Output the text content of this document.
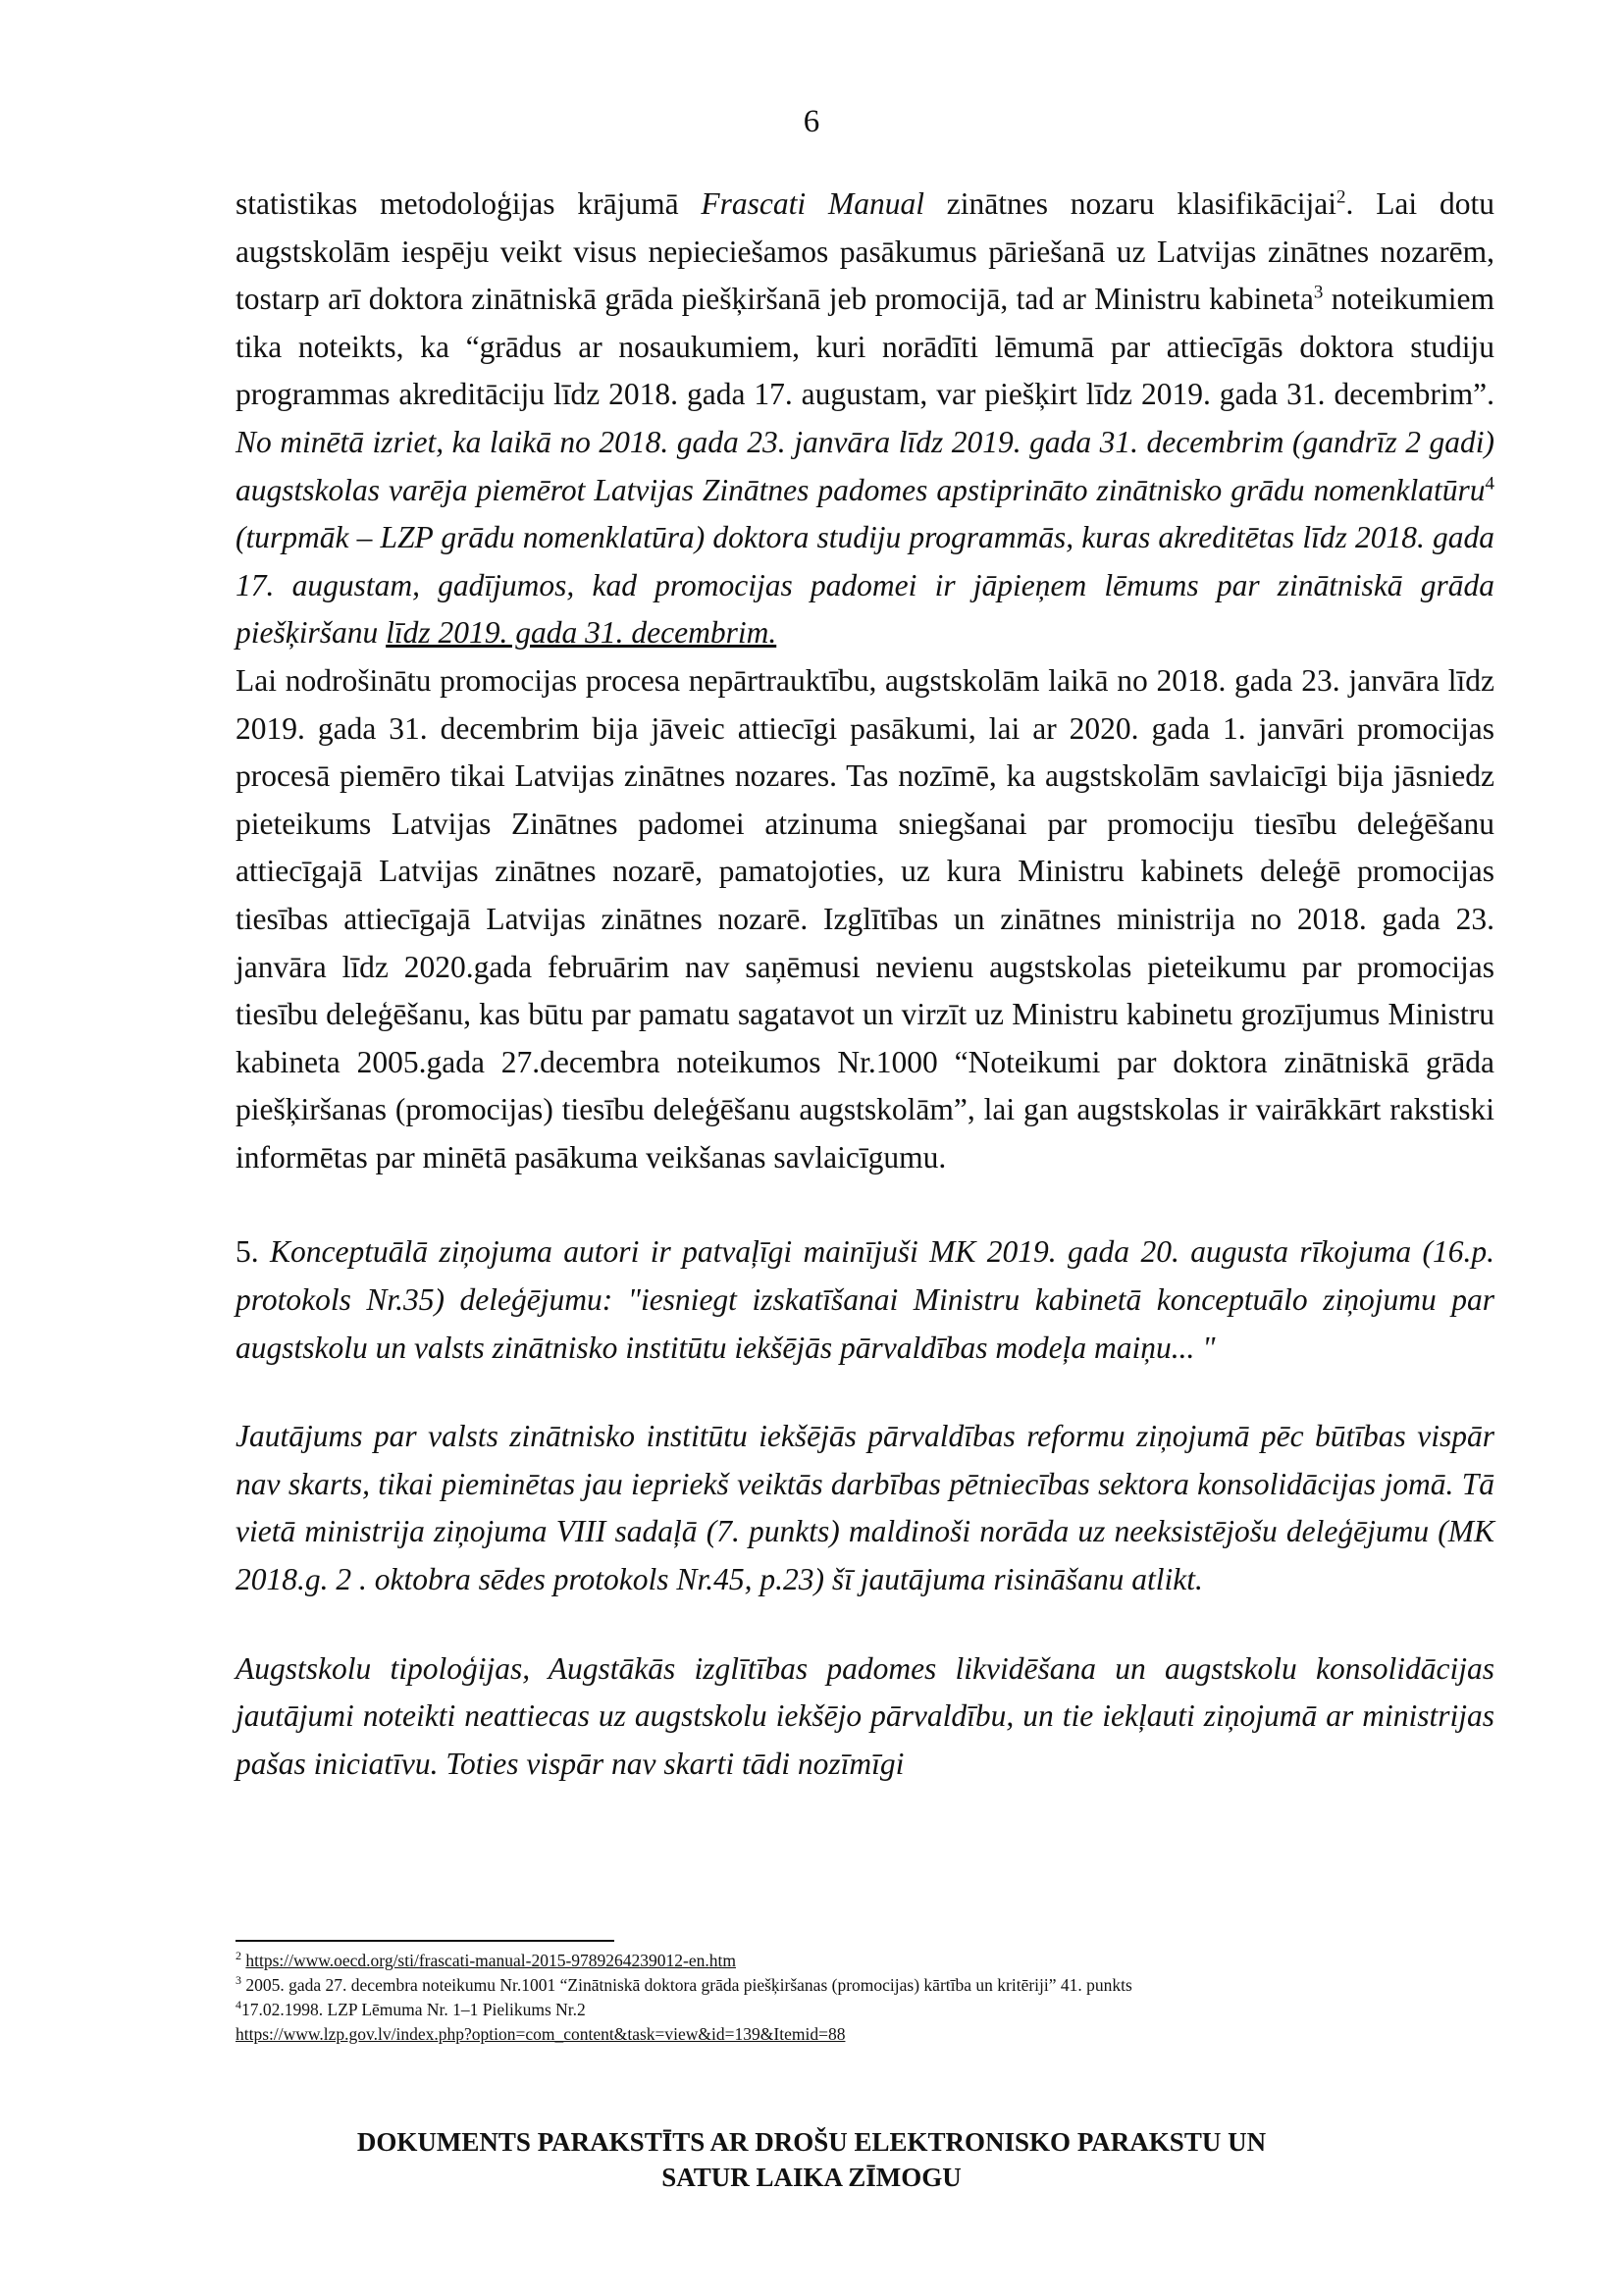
6

statistikas metodoloģijas krājumā Frascati Manual zinātnes nozaru klasifikācijai$^2$. Lai dotu augstskolām iespēju veikt visus nepieciešamos pasākumus pāriešanā uz Latvijas zinātnes nozarēm, tostarp arī doktora zinātniskā grāda piešķiršanā jeb promocijā, tad ar Ministru kabineta$^3$ noteikumiem tika noteikts, ka “grādus ar nosaukumiem, kuri norādīti lēmumā par attiecīgās doktora studiju programmas akreditāciju līdz 2018. gada 17. augustam, var piešķirt līdz 2019. gada 31. decembrim”. No minētā izriet, ka laikā no 2018. gada 23. janvāra līdz 2019. gada 31. decembrim (gandrīz 2 gadi) augstskolas varēja piemērot Latvijas Zinātnes padomes apstiprināto zinātnisko grādu nomenklatūru$^4$ (turpmāk – LZP grādu nomenklatūra) doktora studiju programmās, kuras akreditētas līdz 2018. gada 17. augustam, gadījumos, kad promocijas padomei ir jāpieņem lēmums par zinātniskā grāda piešķiršanu līdz 2019. gada 31. decembrim.

Lai nodrošinātu promocijas procesa nepārtrauktību, augstskolām laikā no 2018. gada 23. janvāra līdz 2019. gada 31. decembrim bija jāveic attiecīgi pasākumi, lai ar 2020. gada 1. janvāri promocijas procesā piemēro tikai Latvijas zinātnes nozares. Tas nozīmē, ka augstskolām savlaicīgi bija jāsniedz pieteikums Latvijas Zinātnes padomei atzinuma sniegšanai par promociju tiesību deleģēšanu attiecīgajā Latvijas zinātnes nozarē, pamatojoties, uz kura Ministru kabinets deleģē promocijas tiesības attiecīgajā Latvijas zinātnes nozarē. Izglītības un zinātnes ministrija no 2018. gada 23. janvāra līdz 2020.gada februārim nav saņēmusi nevienu augstskolas pieteikumu par promocijas tiesību deleģēšanu, kas būtu par pamatu sagatavot un virzīt uz Ministru kabinetu grozījumus Ministru kabineta 2005.gada 27.decembra noteikumos Nr.1000 “Noteikumi par doktora zinātniskā grāda piešķiršanas (promocijas) tiesību deleģēšanu augstskolām”, lai gan augstskolas ir vairākkārt rakstiski informētas par minētā pasākuma veikšanas savlaicīgumu.

5. Konceptuālā ziņojuma autori ir patvaļīgi mainījuši MK 2019. gada 20. augusta rīkojuma (16.p. protokols Nr.35) deleģējumu: "iesniegt izskatīšanai Ministru kabinetā konceptuālo ziņojumu par augstskolu un valsts zinātnisko institūtu iekšējās pārvaldības modeļa maiņu... "

Jautājums par valsts zinātnisko institūtu iekšējās pārvaldības reformu ziņojumā pēc būtības vispār nav skarts, tikai pieminētas jau iepriekš veiktās darbības pētniecības sektora konsolidācijas jomā. Tā vietā ministrija ziņojuma VIII sadaļā (7. punkts) maldinoši norāda uz neeksistējošu deleģējumu (MK 2018.g. 2 . oktobra sēdes protokols Nr.45, p.23) šī jautājuma risināšanu atlikt.

Augstskolu tipoloģijas, Augstākās izglītības padomes likvidēšana un augstskolu konsolidācijas jautājumi noteikti neattiecas uz augstskolu iekšējo pārvaldību, un tie iekļauti ziņojumā ar ministrijas pašas iniciatīvu. Toties vispār nav skarti tādi nozīmīgi

$^2$ https://www.oecd.org/sti/frascati-manual-2015-9789264239012-en.htm
$^3$ 2005. gada 27. decembra noteikumu Nr.1001 “Zinātniskā doktora grāda piešķiršanas (promocijas) kārtība un kritēriji” 41. punkts
$^4$17.02.1998. LZP Lēmuma Nr. 1–1 Pielikums Nr.2
https://www.lzp.gov.lv/index.php?option=com_content&task=view&id=139&Itemid=88
DOKUMENTS PARAKSTĪTS AR DROŠU ELEKTRONISKO PARAKSTU UN
SATUR LAIKA ZĪMOGU
